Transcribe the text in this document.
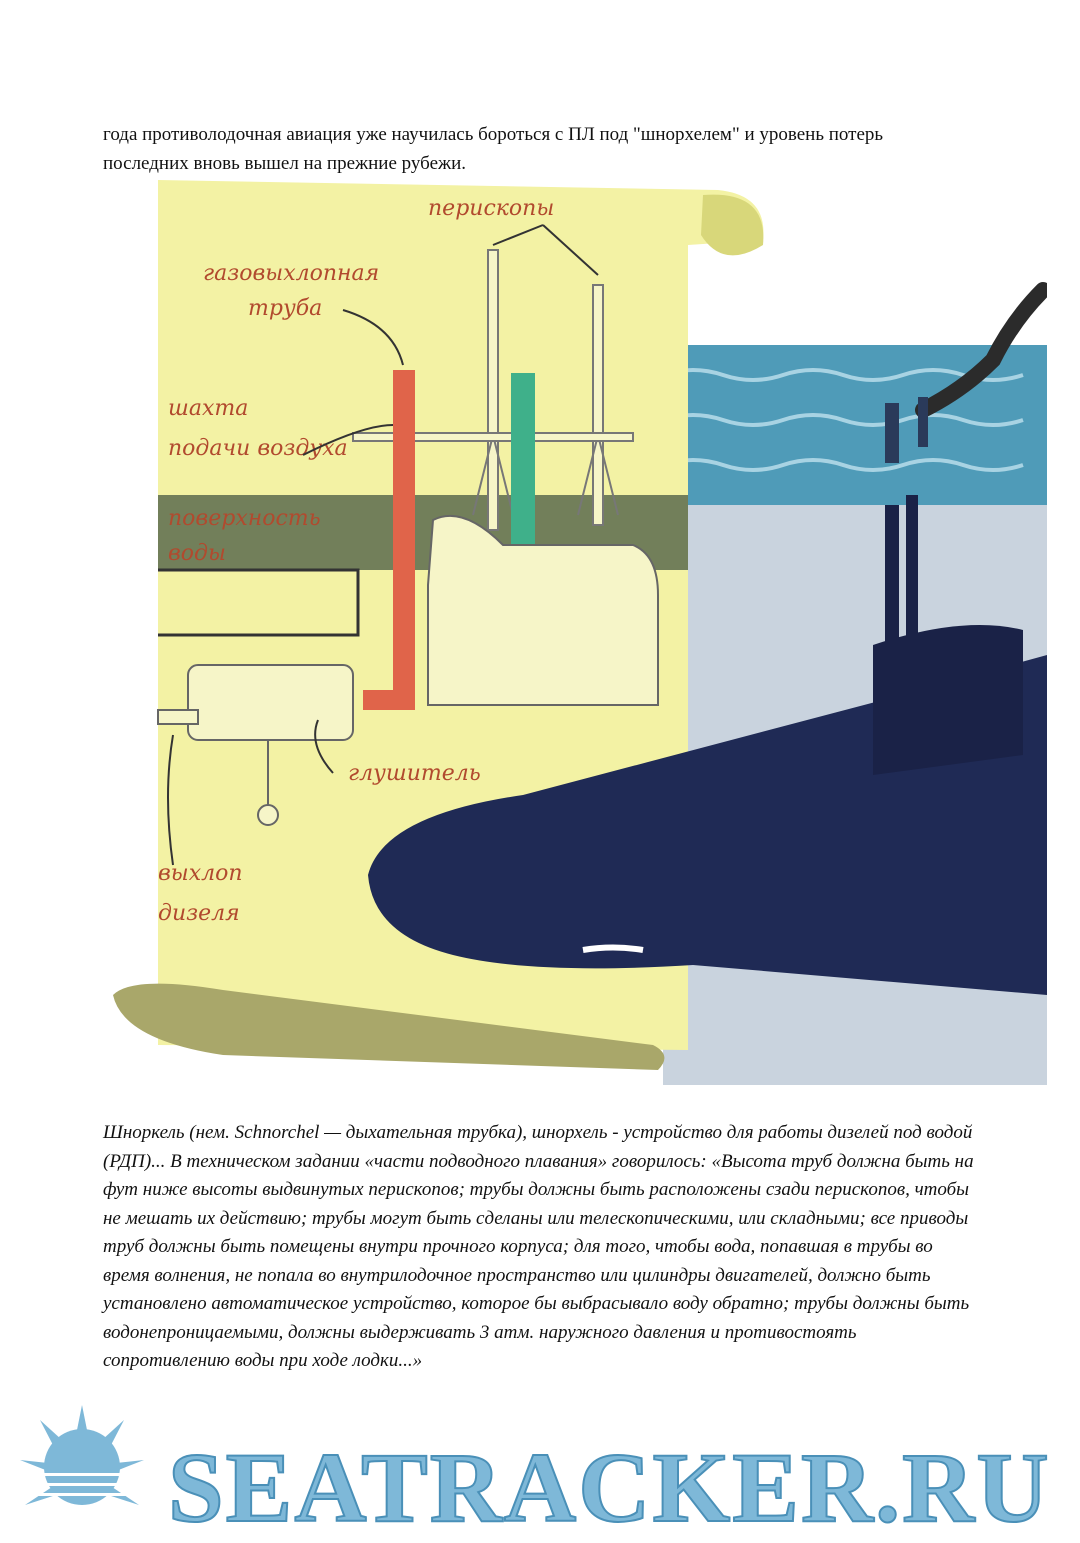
года противолодочная авиация уже научилась бороться с ПЛ под "шнорхелем" и уровень потерь последних вновь вышел на прежние рубежи.

перископы
газовыхлопная
труба
шахта
подачи воздуха
поверхность
воды
глушитель
выхлоп
дизеля

Шноркель (нем. Schnorchel — дыхательная трубка), шнорхель - устройство для работы дизелей под водой (РДП)... В техническом задании «части подводного плавания» говорилось: «Высота труб должна быть на фут ниже высоты выдвинутых перископов; трубы должны быть расположены сзади перископов, чтобы не мешать их действию; трубы могут быть сделаны или телескопическими, или складными; все приводы труб должны быть помещены внутри прочного корпуса; для того, чтобы вода, попавшая в трубы во время волнения, не попала во внутрилодочное пространство или цилиндры двигателей, должно быть установлено автоматическое устройство, которое бы выбрасывало воду обратно; трубы должны быть водонепроницаемыми, должны выдерживать 3 атм. наружного давления и противостоять сопротивлению воды при ходе лодки...»

SEATRACKER.RU
